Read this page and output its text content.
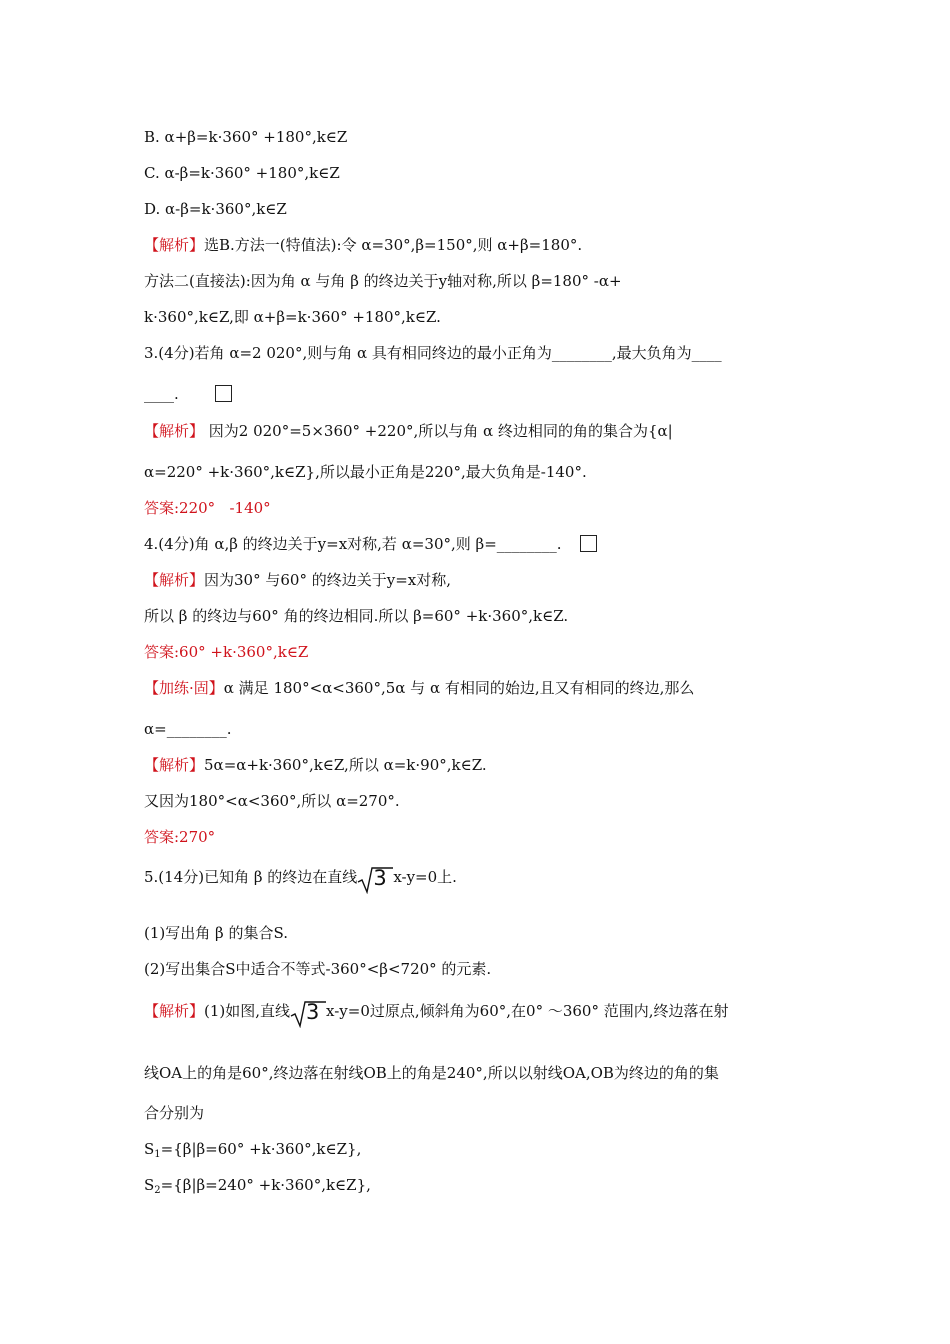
B. α+β=k·360° +180°,k∈Z
C. α-β=k·360° +180°,k∈Z
D. α-β=k·360°,k∈Z
【解析】选B.方法一(特值法):令 α=30°,β=150°,则 α+β=180°.
方法二(直接法):因为角 α 与角 β 的终边关于y轴对称,所以 β=180° -α+
k·360°,k∈Z,即 α+β=k·360° +180°,k∈Z.
3.(4分)若角 α=2 020°,则与角 α 具有相同终边的最小正角为________,最大负角为____
____.
【解析】 因为2 020°=5×360° +220°,所以与角 α 终边相同的角的集合为{α|
α=220° +k·360°,k∈Z},所以最小正角是220°,最大负角是-140°.
答案:220°   -140°
4.(4分)角 α,β 的终边关于y=x对称,若 α=30°,则 β=________.
【解析】因为30° 与60° 的终边关于y=x对称,
所以 β 的终边与60° 角的终边相同.所以 β=60° +k·360°,k∈Z.
答案:60° +k·360°,k∈Z
【加练·固】α 满足 180°<α<360°,5α 与 α 有相同的始边,且又有相同的终边,那么
α=________.
【解析】5α=α+k·360°,k∈Z,所以 α=k·90°,k∈Z.
又因为180°<α<360°,所以 α=270°.
答案:270°
5.(14分)已知角 β 的终边在直线 3 x-y=0上.
(1)写出角 β 的集合S.
(2)写出集合S中适合不等式-360°<β<720° 的元素.
【解析】(1)如图,直线 3 x-y=0过原点,倾斜角为60°,在0° ～360° 范围内,终边落在射
线OA上的角是60°,终边落在射线OB上的角是240°,所以以射线OA,OB为终边的角的集
合分别为
$S_1=\{\beta|\beta=60^\circ$ +k·360°,k∈Z},
$S_2=\{\beta|\beta=240^\circ$ +k·360°,k∈Z},
